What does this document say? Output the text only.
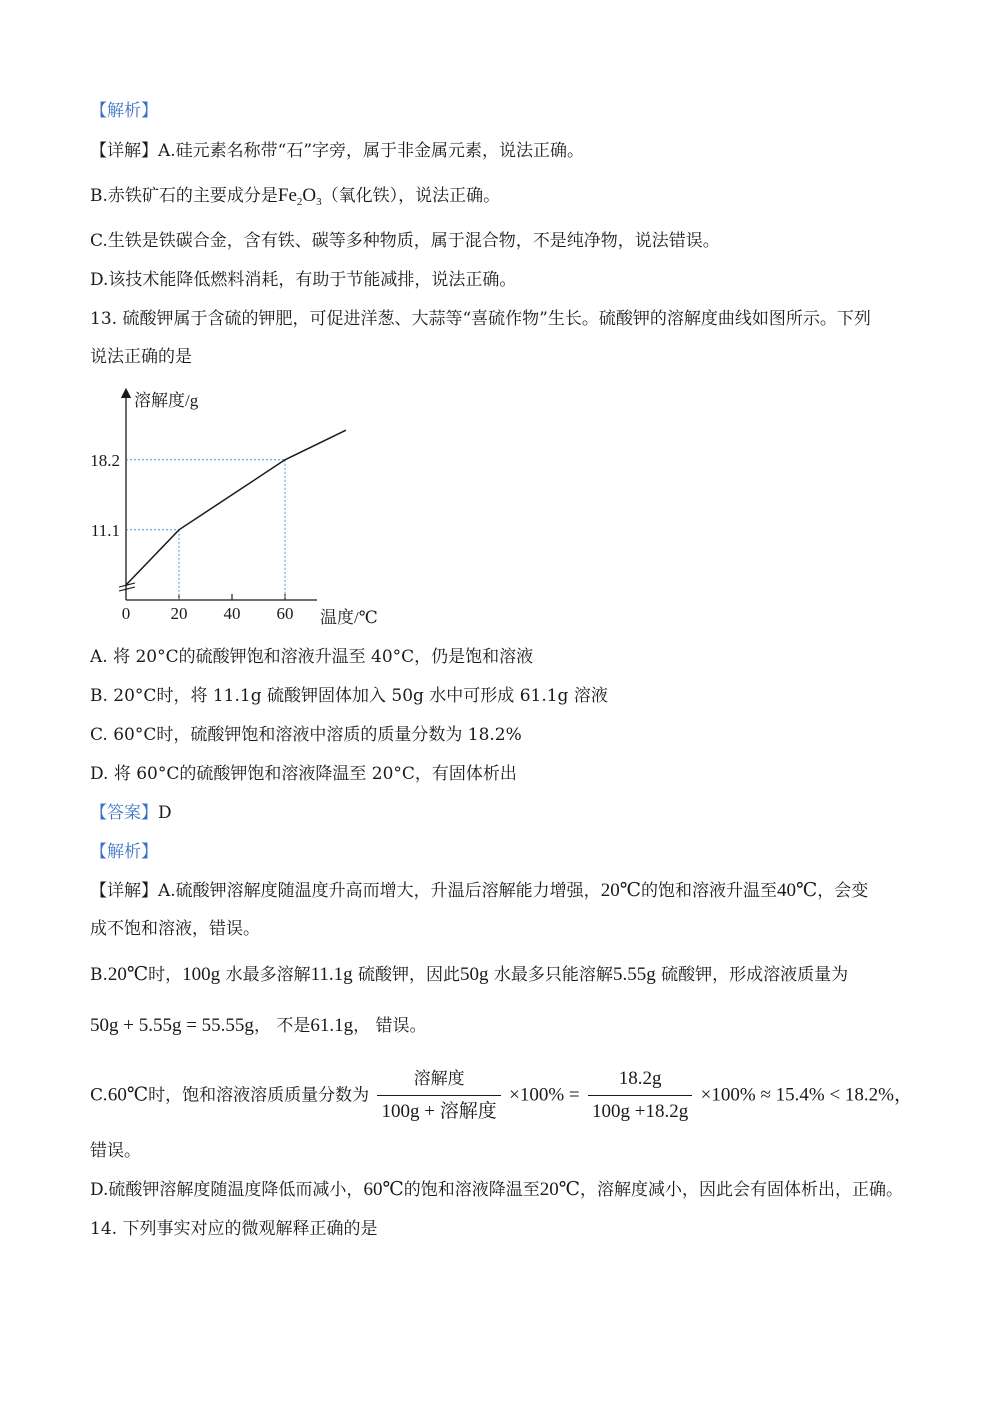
【解析】
【详解】A.硅元素名称带“石”字旁，属于非金属元素，说法正确。
B.赤铁矿石的主要成分是$Fe_2O_3$（氧化铁），说法正确。
C.生铁是铁碳合金，含有铁、碳等多种物质，属于混合物，不是纯净物，说法错误。
D.该技术能降低燃料消耗，有助于节能减排，说法正确。
13. 硫酸钾属于含硫的钾肥，可促进洋葱、大蒜等“喜硫作物”生长。硫酸钾的溶解度曲线如图所示。下列
说法正确的是
0 20 40 60
11.1
18.2
溶解度/g
温度/℃
A. 将 20°C的硫酸钾饱和溶液升温至 40°C，仍是饱和溶液
B. 20°C时，将 11.1g 硫酸钾固体加入 50g 水中可形成 61.1g 溶液
C. 60°C时，硫酸钾饱和溶液中溶质的质量分数为 18.2%
D. 将 60°C的硫酸钾饱和溶液降温至 20°C，有固体析出
【答案】D
【解析】
【详解】A.硫酸钾溶解度随温度升高而增大，升温后溶解能力增强，20℃的饱和溶液升温至40℃，会变
成不饱和溶液，错误。
B.20℃时，100g 水最多溶解11.1g 硫酸钾，因此50g 水最多只能溶解5.55g 硫酸钾，形成溶液质量为
50g + 5.55g = 55.55g， 不是61.1g， 错误。
C.60℃时，饱和溶液溶质质量分数为 $\frac{\text{溶解度}}{\text{100g + 溶解度}} \times 100\% = \frac{18.2g}{100g +18.2g} \times 100\% \approx 15.4\% < 18.2\%$，
错误。
D.硫酸钾溶解度随温度降低而减小，60℃的饱和溶液降温至20℃，溶解度减小，因此会有固体析出，正确。
14. 下列事实对应的微观解释正确的是
